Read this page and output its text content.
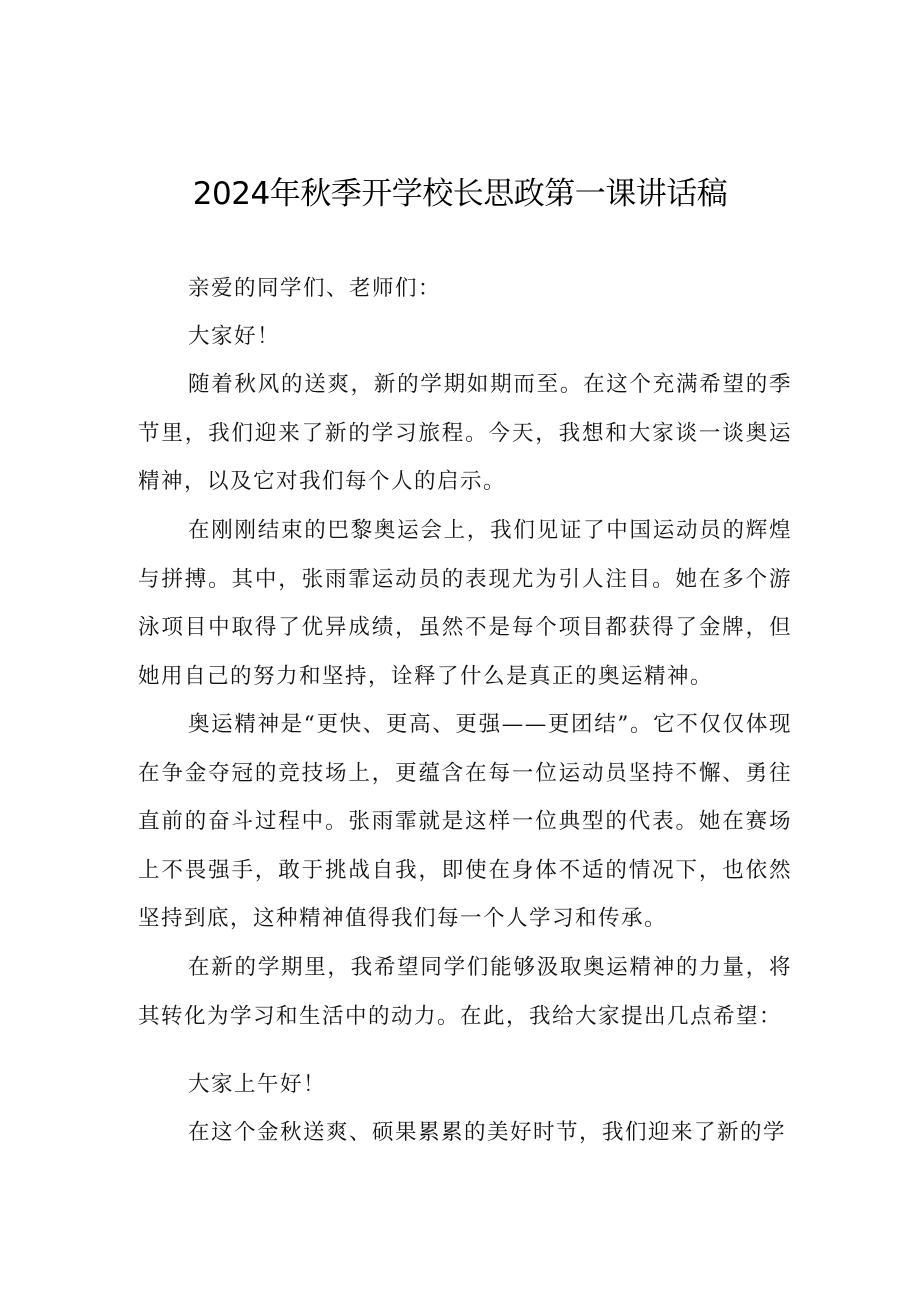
2024年秋季开学校长思政第一课讲话稿

亲爱的同学们、老师们：

大家好！

随着秋风的送爽，新的学期如期而至。在这个充满希望的季节里，我们迎来了新的学习旅程。今天，我想和大家谈一谈奥运精神，以及它对我们每个人的启示。

在刚刚结束的巴黎奥运会上，我们见证了中国运动员的辉煌与拼搏。其中，张雨霏运动员的表现尤为引人注目。她在多个游泳项目中取得了优异成绩，虽然不是每个项目都获得了金牌，但她用自己的努力和坚持，诠释了什么是真正的奥运精神。

奥运精神是“更快、更高、更强——更团结”。它不仅仅体现在争金夺冠的竞技场上，更蕴含在每一位运动员坚持不懈、勇往直前的奋斗过程中。张雨霏就是这样一位典型的代表。她在赛场上不畏强手，敢于挑战自我，即使在身体不适的情况下，也依然坚持到底，这种精神值得我们每一个人学习和传承。

在新的学期里，我希望同学们能够汲取奥运精神的力量，将其转化为学习和生活中的动力。在此，我给大家提出几点希望：

大家上午好！

在这个金秋送爽、硕果累累的美好时节，我们迎来了新的学
